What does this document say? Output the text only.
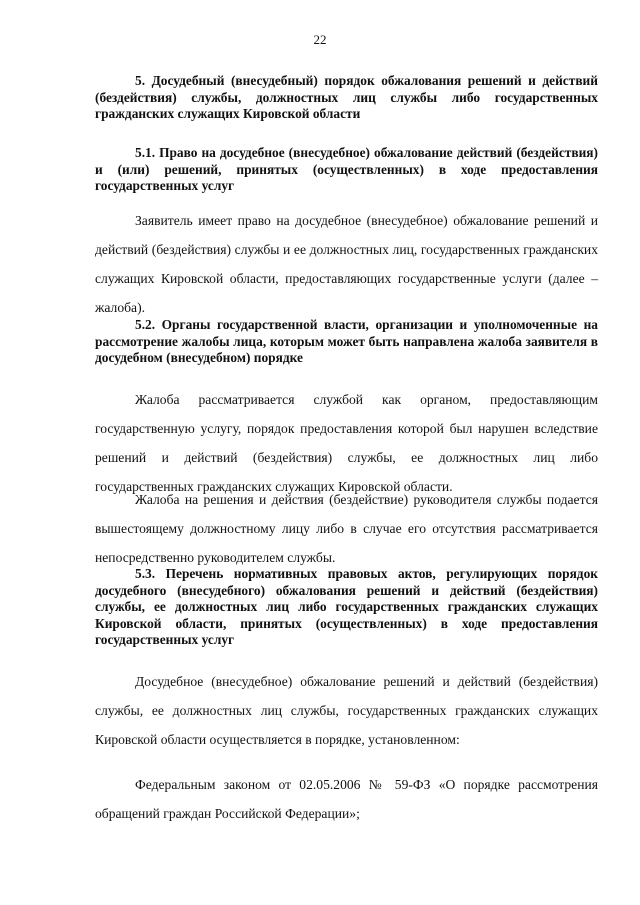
22
5. Досудебный (внесудебный) порядок обжалования решений и действий (бездействия) службы, должностных лиц службы либо государственных гражданских служащих Кировской области
5.1. Право на досудебное (внесудебное) обжалование действий (бездействия) и (или) решений, принятых (осуществленных) в ходе предоставления государственных услуг
Заявитель имеет право на досудебное (внесудебное) обжалование решений и действий (бездействия) службы и ее должностных лиц, государственных гражданских служащих Кировской области, предоставляющих государственные услуги (далее – жалоба).
5.2. Органы государственной власти, организации и уполномоченные на рассмотрение жалобы лица, которым может быть направлена жалоба заявителя в досудебном (внесудебном) порядке
Жалоба рассматривается службой как органом, предоставляющим государственную услугу, порядок предоставления которой был нарушен вследствие решений и действий (бездействия) службы, ее должностных лиц либо государственных гражданских служащих Кировской области.
Жалоба на решения и действия (бездействие) руководителя службы подается вышестоящему должностному лицу либо в случае его отсутствия рассматривается непосредственно руководителем службы.
5.3. Перечень нормативных правовых актов, регулирующих порядок досудебного (внесудебного) обжалования решений и действий (бездействия) службы, ее должностных лиц либо государственных гражданских служащих Кировской области, принятых (осуществленных) в ходе предоставления государственных услуг
Досудебное (внесудебное) обжалование решений и действий (бездействия) службы, ее должностных лиц службы, государственных гражданских служащих Кировской области осуществляется в порядке, установленном:
Федеральным законом от 02.05.2006 № 59-ФЗ «О порядке рассмотрения обращений граждан Российской Федерации»;
